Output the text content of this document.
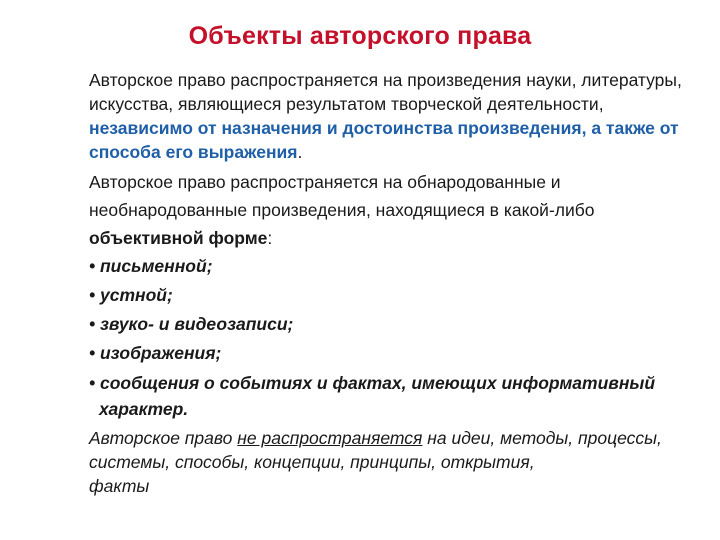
Объекты авторского права

Авторское право распространяется на произведения науки, литературы, искусства, являющиеся результатом творческой деятельности, независимо от назначения и достоинства произведения, а также от способа его выражения.

Авторское право распространяется на обнародованные и необнародованные произведения, находящиеся в какой-либо объективной форме:

• письменной;
• устной;
• звуко- и видеозаписи;
• изображения;
• сообщения о событиях и фактах, имеющих информативный
характер.

Авторское право не распространяется на идеи, методы, процессы, системы, способы, концепции, принципы, открытия,
факты
